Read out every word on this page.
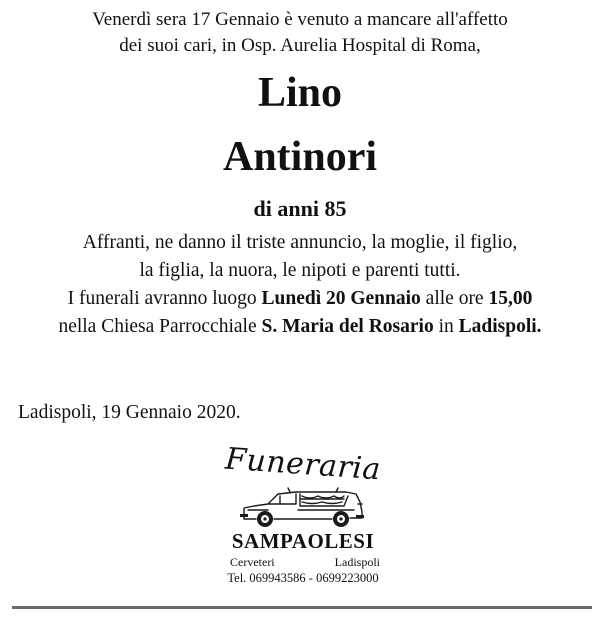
Venerdì sera 17 Gennaio è venuto a mancare all'affetto
dei suoi cari, in Osp. Aurelia Hospital di Roma,
Lino
Antinori
di anni 85
Affranti, ne danno il triste annuncio, la moglie, il figlio,
la figlia, la nuora, le nipoti e parenti tutti.
I funerali avranno luogo Lunedì 20 Gennaio alle ore 15,00
nella Chiesa Parrocchiale S. Maria del Rosario in Ladispoli.
Ladispoli, 19 Gennaio 2020.
Funeraria
SAMPAOLESI
Cerveteri	Ladispoli
Tel. 069943586 - 0699223000
